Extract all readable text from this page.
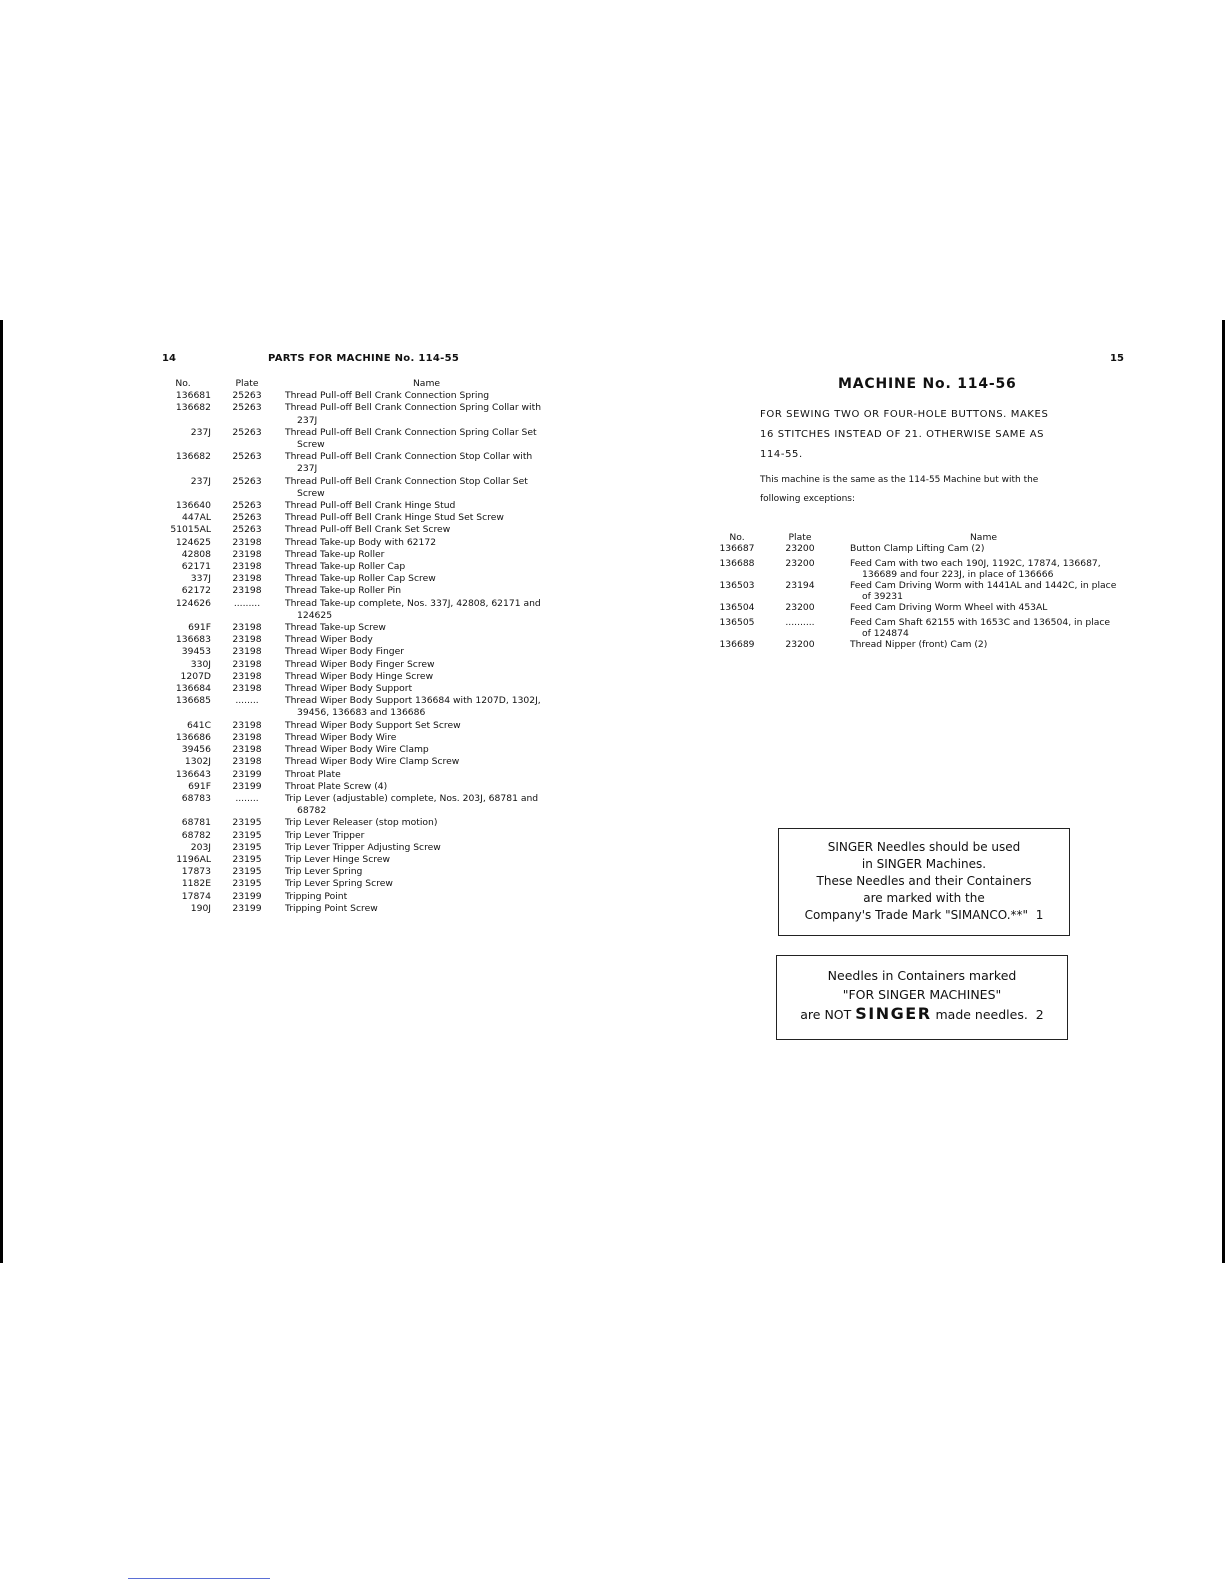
14	PARTS FOR MACHINE No. 114-55
No.	Plate	Name
136681	25263	Thread Pull-off Bell Crank Connection Spring
136682	25263	Thread Pull-off Bell Crank Connection Spring Collar with
237J
237J	25263	Thread Pull-off Bell Crank Connection Spring Collar Set
Screw
136682	25263	Thread Pull-off Bell Crank Connection Stop Collar with
237J
237J	25263	Thread Pull-off Bell Crank Connection Stop Collar Set
Screw
136640	25263	Thread Pull-off Bell Crank Hinge Stud
447AL	25263	Thread Pull-off Bell Crank Hinge Stud Set Screw
51015AL	25263	Thread Pull-off Bell Crank Set Screw
124625	23198	Thread Take-up Body with 62172
42808	23198	Thread Take-up Roller
62171	23198	Thread Take-up Roller Cap
337J	23198	Thread Take-up Roller Cap Screw
62172	23198	Thread Take-up Roller Pin
124626	.........	Thread Take-up complete, Nos. 337J, 42808, 62171 and
124625
691F	23198	Thread Take-up Screw
136683	23198	Thread Wiper Body
39453	23198	Thread Wiper Body Finger
330J	23198	Thread Wiper Body Finger Screw
1207D	23198	Thread Wiper Body Hinge Screw
136684	23198	Thread Wiper Body Support
136685	........	Thread Wiper Body Support 136684 with 1207D, 1302J,
39456, 136683 and 136686
641C	23198	Thread Wiper Body Support Set Screw
136686	23198	Thread Wiper Body Wire
39456	23198	Thread Wiper Body Wire Clamp
1302J	23198	Thread Wiper Body Wire Clamp Screw
136643	23199	Throat Plate
691F	23199	Throat Plate Screw (4)
68783	........	Trip Lever (adjustable) complete, Nos. 203J, 68781 and
68782
68781	23195	Trip Lever Releaser (stop motion)
68782	23195	Trip Lever Tripper
203J	23195	Trip Lever Tripper Adjusting Screw
1196AL	23195	Trip Lever Hinge Screw
17873	23195	Trip Lever Spring
1182E	23195	Trip Lever Spring Screw
17874	23199	Tripping Point
190J	23199	Tripping Point Screw
15
MACHINE No. 114-56
FOR SEWING TWO OR FOUR-HOLE BUTTONS. MAKES
16 STITCHES INSTEAD OF 21. OTHERWISE SAME AS
114-55.
This machine is the same as the 114-55 Machine but with the
following exceptions:
No.	Plate	Name
136687	23200	Button Clamp Lifting Cam (2)
136688	23200	Feed Cam with two each 190J, 1192C, 17874, 136687,
136689 and four 223J, in place of 136666
136503	23194	Feed Cam Driving Worm with 1441AL and 1442C, in place
of 39231
136504	23200	Feed Cam Driving Worm Wheel with 453AL
136505	..........	Feed Cam Shaft 62155 with 1653C and 136504, in place
of 124874
136689	23200	Thread Nipper (front) Cam (2)
SINGER Needles should be used
in SINGER Machines.
These Needles and their Containers
are marked with the
Company's Trade Mark "SIMANCO.**" 1
Needles in Containers marked
"FOR SINGER MACHINES"
are NOT SINGER made needles. 2
